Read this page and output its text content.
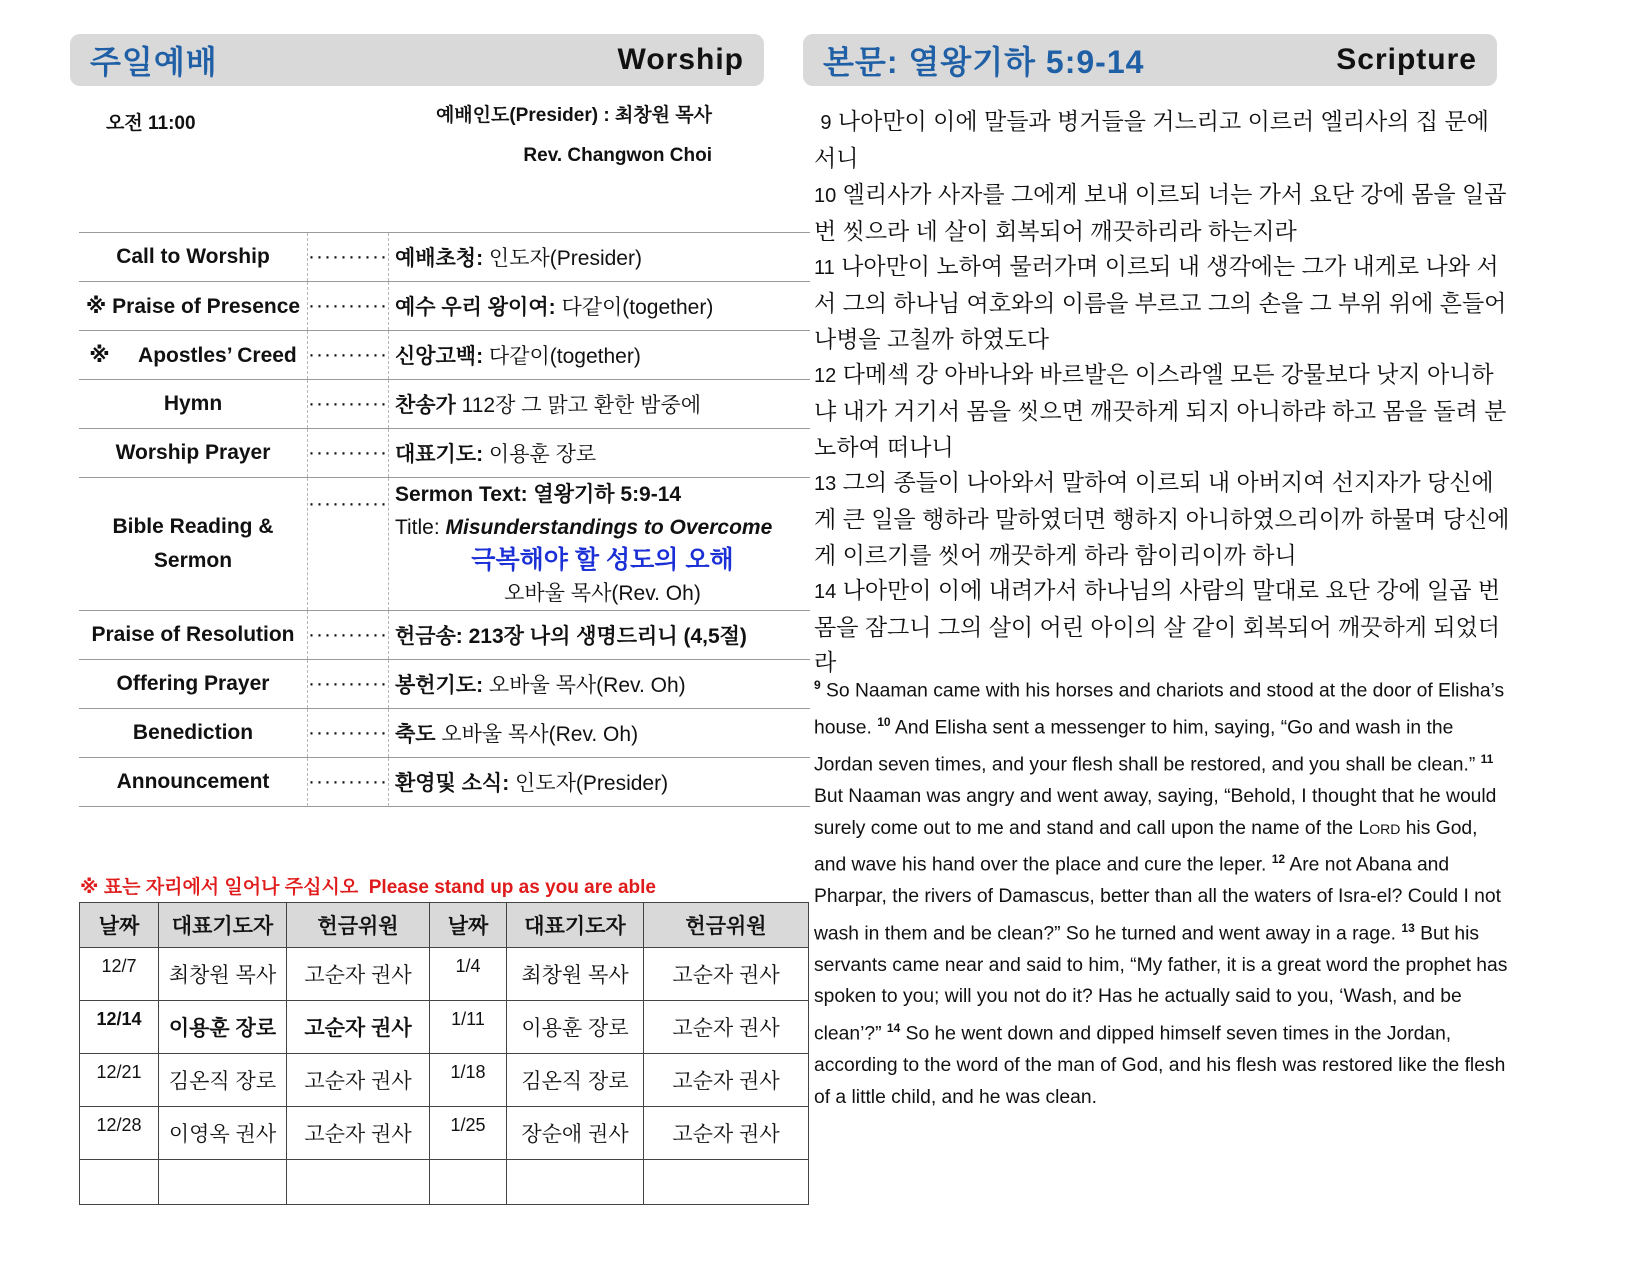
주일예배	Worship
오전 11:00	예배인도(Presider) : 최창원 목사
Rev. Changwon Choi
Call to Worship	··········	예배초청: 인도자(Presider)
※ Praise of Presence	··········	예수 우리 왕이여: 다같이(together)
※     Apostles’ Creed	··········	신앙고백: 다같이(together)
Hymn	··········	찬송가 112장 그 맑고 환한 밤중에
Worship Prayer	··········	대표기도: 이용훈 장로
Bible Reading & Sermon	··········	Sermon Text: 열왕기하 5:9-14
Title: Misunderstandings to Overcome
극복해야 할 성도의 오해
오바울 목사(Rev. Oh)

Praise of Resolution	··········	헌금송: 213장 나의 생명드리니 (4,5절)
Offering Prayer	··········	봉헌기도: 오바울 목사(Rev. Oh)
Benediction	··········	축도 오바울 목사(Rev. Oh)
Announcement	··········	환영및 소식: 인도자(Presider)
※ 표는 자리에서 일어나 주십시오  Please stand up as you are able
날짜	대표기도자	헌금위원	날짜	대표기도자	헌금위원
12/7	최창원 목사	고순자 권사	1/4	최창원 목사	고순자 권사
12/14	이용훈 장로	고순자 권사	1/11	이용훈 장로	고순자 권사
12/21	김온직 장로	고순자 권사	1/18	김온직 장로	고순자 권사
12/28	이영옥 권사	고순자 권사	1/25	장순애 권사	고순자 권사

본문: 열왕기하 5:9-14	Scripture

9 나아만이 이에 말들과 병거들을 거느리고 이르러 엘리사의 집 문에 서니

10 엘리사가 사자를 그에게 보내 이르되 너는 가서 요단 강에 몸을 일곱 번 씻으라 네 살이 회복되어 깨끗하리라 하는지라

11 나아만이 노하여 물러가며 이르되 내 생각에는 그가 내게로 나와 서서 그의 하나님 여호와의 이름을 부르고 그의 손을 그 부위 위에 흔들어 나병을 고칠까 하였도다

12 다메섹 강 아바나와 바르발은 이스라엘 모든 강물보다 낫지 아니하냐 내가 거기서 몸을 씻으면 깨끗하게 되지 아니하랴 하고 몸을 돌려 분노하여 떠나니

13 그의 종들이 나아와서 말하여 이르되 내 아버지여 선지자가 당신에게 큰 일을 행하라 말하였더면 행하지 아니하였으리이까 하물며 당신에게 이르기를 씻어 깨끗하게 하라 함이리이까 하니

14 나아만이 이에 내려가서 하나님의 사람의 말대로 요단 강에 일곱 번 몸을 잠그니 그의 살이 어린 아이의 살 같이 회복되어 깨끗하게 되었더라

$^9$ So Naaman came with his horses and chariots and stood at the door of Elisha’s house. $^{10}$ And Elisha sent a messenger to him, saying, “Go and wash in the Jordan seven times, and your flesh shall be restored, and you shall be clean.” $^{11}$ But Naaman was angry and went away, saying, “Behold, I thought that he would surely come out to me and stand and call upon the name of the Lord his God, and wave his hand over the place and cure the leper. $^{12}$ Are not Abana and Pharpar, the rivers of Damascus, better than all the waters of Isra-el? Could I not wash in them and be clean?” So he turned and went away in a rage. $^{13}$ But his servants came near and said to him, “My father, it is a great word the prophet has spoken to you; will you not do it? Has he actually said to you, ‘Wash, and be clean’?” $^{14}$ So he went down and dipped himself seven times in the Jordan, according to the word of the man of God, and his flesh was restored like the flesh of a little child, and he was clean.
